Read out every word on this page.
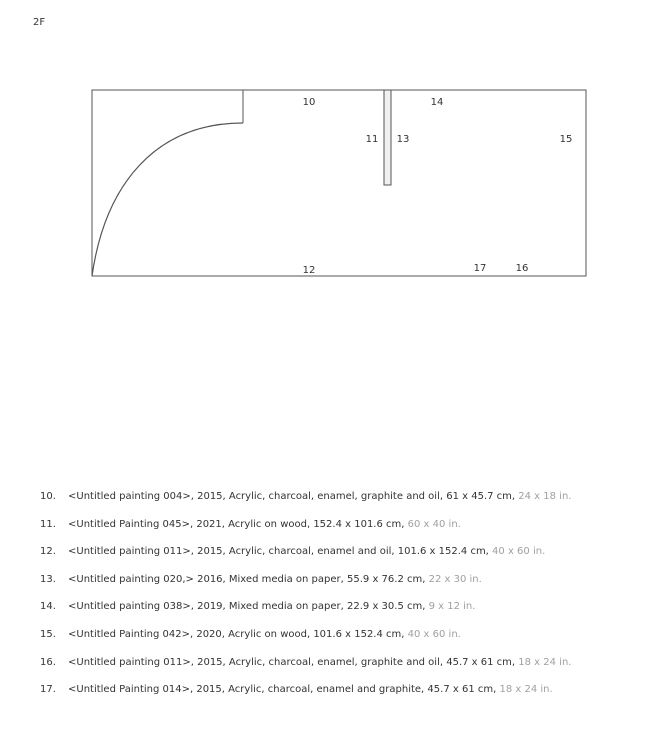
2F
10
11 13
14
15
12	17	16
10.	<Untitled painting 004>, 2015, Acrylic, charcoal, enamel, graphite and oil, 61 x 45.7 cm, 24 x 18 in.
11.	<Untitled Painting 045>, 2021, Acrylic on wood, 152.4 x 101.6 cm, 60 x 40 in.
12.	<Untitled painting 011>, 2015, Acrylic, charcoal, enamel and oil, 101.6 x 152.4 cm, 40 x 60 in.
13.	<Untitled painting 020,> 2016, Mixed media on paper, 55.9 x 76.2 cm, 22 x 30 in.
14.	<Untitled painting 038>, 2019, Mixed media on paper, 22.9 x 30.5 cm, 9 x 12 in.
15.	<Untitled Painting 042>, 2020, Acrylic on wood, 101.6 x 152.4 cm, 40 x 60 in.
16.	<Untitled painting 011>, 2015, Acrylic, charcoal, enamel, graphite and oil, 45.7 x 61 cm, 18 x 24 in.
17.	<Untitled Painting 014>, 2015, Acrylic, charcoal, enamel and graphite, 45.7 x 61 cm, 18 x 24 in.
